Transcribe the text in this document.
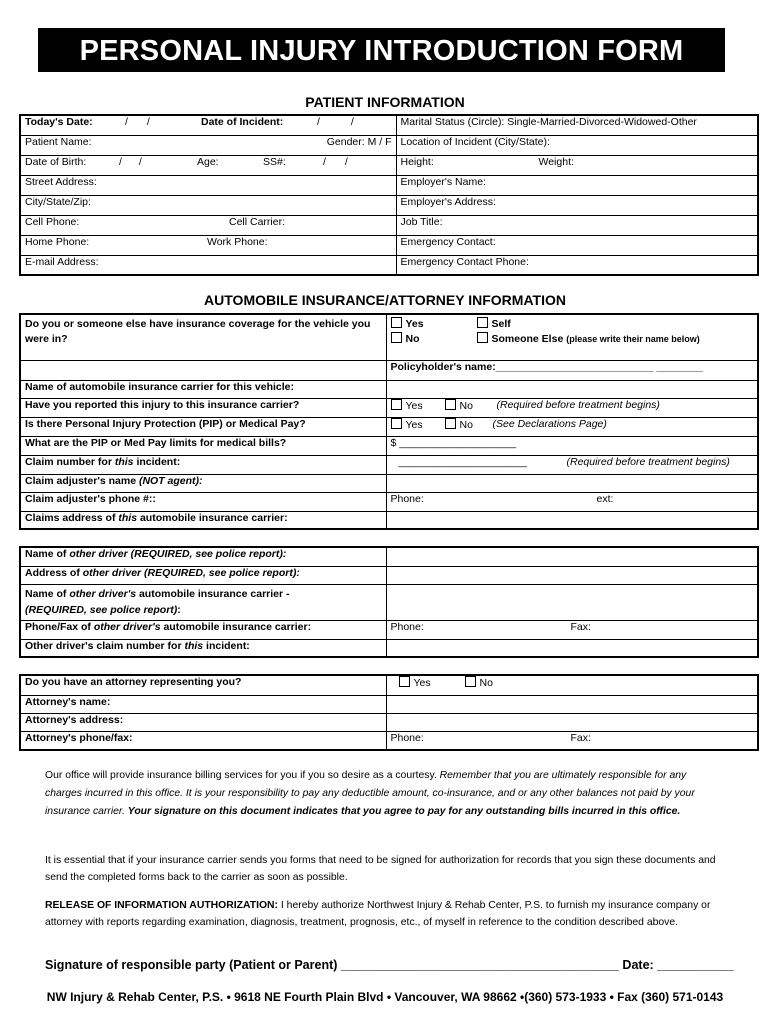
PERSONAL INJURY INTRODUCTION FORM
PATIENT INFORMATION
Today's Date: / / Date of Incident: / /	Marital Status (Circle): Single-Married-Divorced-Widowed-Other

Patient Name: Gender: M / F	Location of Incident (City/State):

Date of Birth: / / Age: SS#: / /	Height: Weight:

Street Address:	Employer's Name:

City/State/Zip:	Employer's Address:

Cell Phone: Cell Carrier:	Job Title:

Home Phone: Work Phone:	Emergency Contact:

E-mail Address:	Emergency Contact Phone:
AUTOMOBILE INSURANCE/ATTORNEY INFORMATION
Do you or someone else have insurance coverage for the vehicle you were in?	Yes Self
No Someone Else (please write their name below)

	Policyholder's name:___________________________ ________

Name of automobile insurance carrier for this vehicle:	

Have you reported this injury to this insurance carrier?	Yes No (Required before treatment begins)

Is there Personal Injury Protection (PIP) or Medical Pay?	Yes No (See Declarations Page)

What are the PIP or Med Pay limits for medical bills?	$ ____________________

Claim number for this incident:	______________________ (Required before treatment begins)

Claim adjuster's name (NOT agent):	

Claim adjuster's phone #::	Phone: ext:

Claims address of this automobile insurance carrier:	

Name of other driver (REQUIRED, see police report):	

Address of other driver (REQUIRED, see police report):	

Name of other driver's automobile insurance carrier -
(REQUIRED, see police report):	

Phone/Fax of other driver's automobile insurance carrier:	Phone: Fax:

Other driver's claim number for this incident:	

Do you have an attorney representing you?	Yes No

Attorney's name:	

Attorney's address:	

Attorney's phone/fax:	Phone: Fax:
Our office will provide insurance billing services for you if you so desire as a courtesy. Remember that you are ultimately responsible for any charges incurred in this office. It is your responsibility to pay any deductible amount, co-insurance, and or any other balances not paid by your insurance carrier. Your signature on this document indicates that you agree to pay for any outstanding bills incurred in this office.
It is essential that if your insurance carrier sends you forms that need to be signed for authorization for records that you sign these documents and send the completed forms back to the carrier as soon as possible.
RELEASE OF INFORMATION AUTHORIZATION: I hereby authorize Northwest Injury & Rehab Center, P.S. to furnish my insurance company or attorney with reports regarding examination, diagnosis, treatment, prognosis, etc., of myself in reference to the condition described above.
Signature of responsible party (Patient or Parent) ________________________________________ Date: ___________
NW Injury & Rehab Center, P.S. • 9618 NE Fourth Plain Blvd • Vancouver, WA 98662 •(360) 573-1933 • Fax (360) 571-0143
